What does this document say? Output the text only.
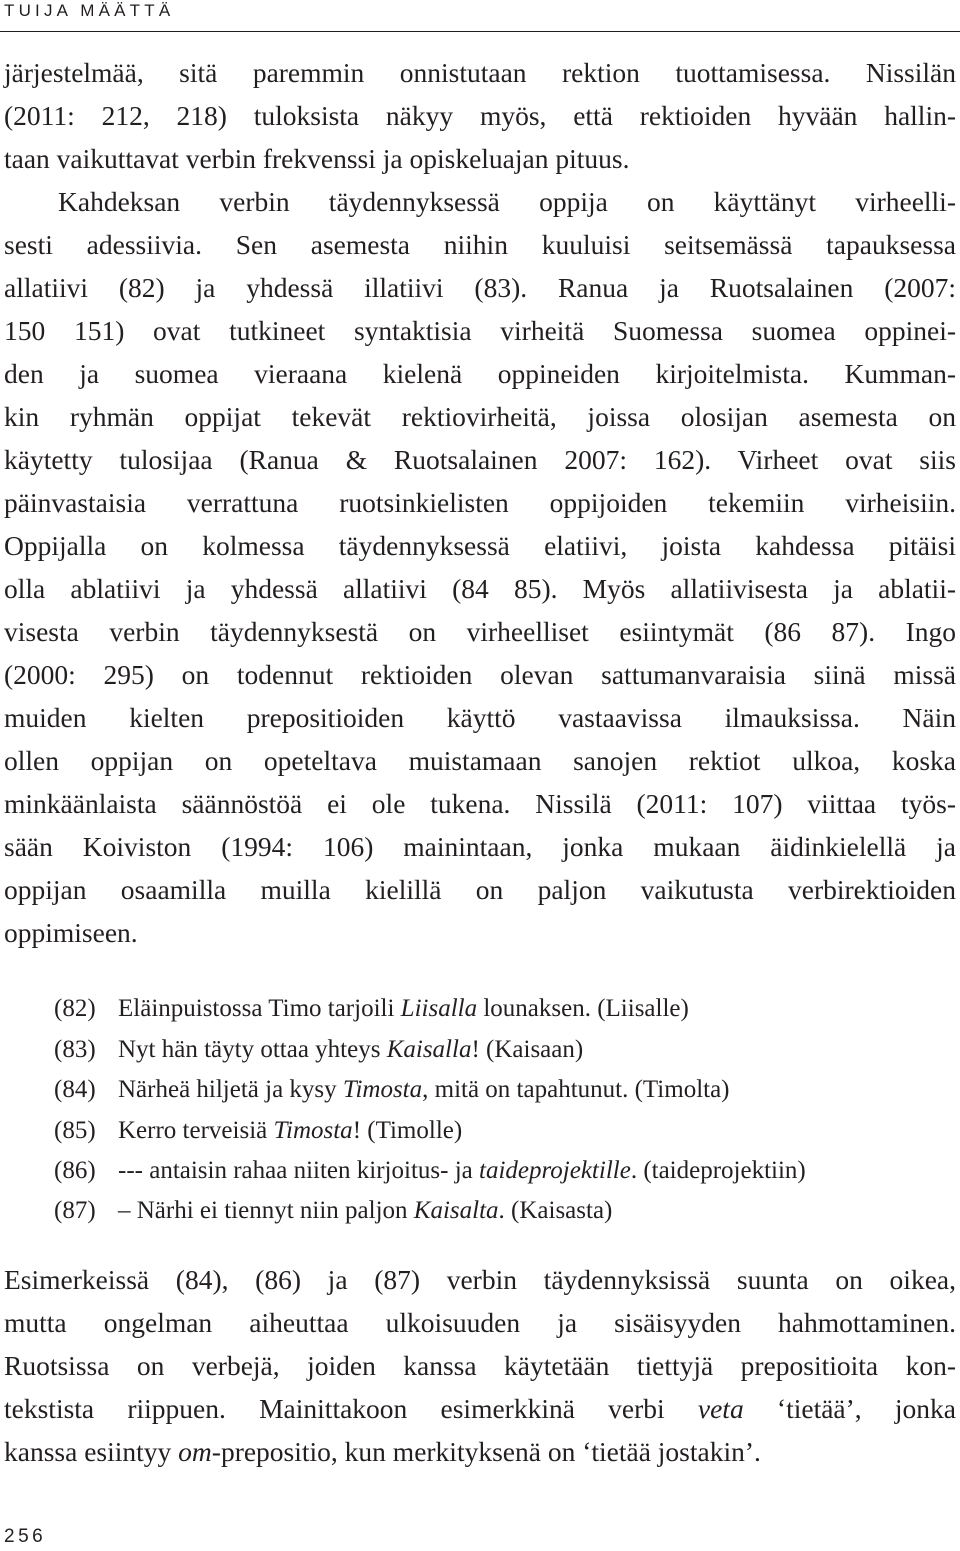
TUIJA MÄÄTTÄ
järjestelmää, sitä paremmin onnistutaan rektion tuottamisessa. Nissilän
(2011: 212, 218) tuloksista näkyy myös, että rektioiden hyvään hallin-
taan vaikuttavat verbin frekvenssi ja opiskeluajan pituus.
Kahdeksan verbin täydennyksessä oppija on käyttänyt virheelli-
sesti adessiivia. Sen asemesta niihin kuuluisi seitsemässä tapauksessa
allatiivi (82) ja yhdessä illatiivi (83). Ranua ja Ruotsalainen (2007:
150 151) ovat tutkineet syntaktisia virheitä Suomessa suomea oppinei-
den ja suomea vieraana kielenä oppineiden kirjoitelmista. Kumman-
kin ryhmän oppijat tekevät rektiovirheitä, joissa olosijan asemesta on
käytetty tulosijaa (Ranua & Ruotsalainen 2007: 162). Virheet ovat siis
päinvastaisia verrattuna ruotsinkielisten oppijoiden tekemiin virheisiin.
Oppijalla on kolmessa täydennyksessä elatiivi, joista kahdessa pitäisi
olla ablatiivi ja yhdessä allatiivi (84 85). Myös allatiivisesta ja ablatii-
visesta verbin täydennyksestä on virheelliset esiintymät (86 87). Ingo
(2000: 295) on todennut rektioiden olevan sattumanvaraisia siinä missä
muiden kielten prepositioiden käyttö vastaavissa ilmauksissa. Näin
ollen oppijan on opeteltava muistamaan sanojen rektiot ulkoa, koska
minkäänlaista säännöstöä ei ole tukena. Nissilä (2011: 107) viittaa työs-
sään Koiviston (1994: 106) mainintaan, jonka mukaan äidinkielellä ja
oppijan osaamilla muilla kielillä on paljon vaikutusta verbirektioiden
oppimiseen.
(82) Eläinpuistossa Timo tarjoili Liisalla lounaksen. (Liisalle)
(83) Nyt hän täyty ottaa yhteys Kaisalla! (Kaisaan)
(84) Närheä hiljetä ja kysy Timosta, mitä on tapahtunut. (Timolta)
(85) Kerro terveisiä Timosta! (Timolle)
(86) --- antaisin rahaa niiten kirjoitus- ja taideprojektille. (taideprojektiin)
(87) – Närhi ei tiennyt niin paljon Kaisalta. (Kaisasta)
Esimerkeissä (84), (86) ja (87) verbin täydennyksissä suunta on oikea,
mutta ongelman aiheuttaa ulkoisuuden ja sisäisyyden hahmottaminen.
Ruotsissa on verbejä, joiden kanssa käytetään tiettyjä prepositioita kon-
tekstista riippuen. Mainittakoon esimerkkinä verbi veta ‘tietää’, jonka
kanssa esiintyy om-prepositio, kun merkityksenä on ‘tietää jostakin’.
256
